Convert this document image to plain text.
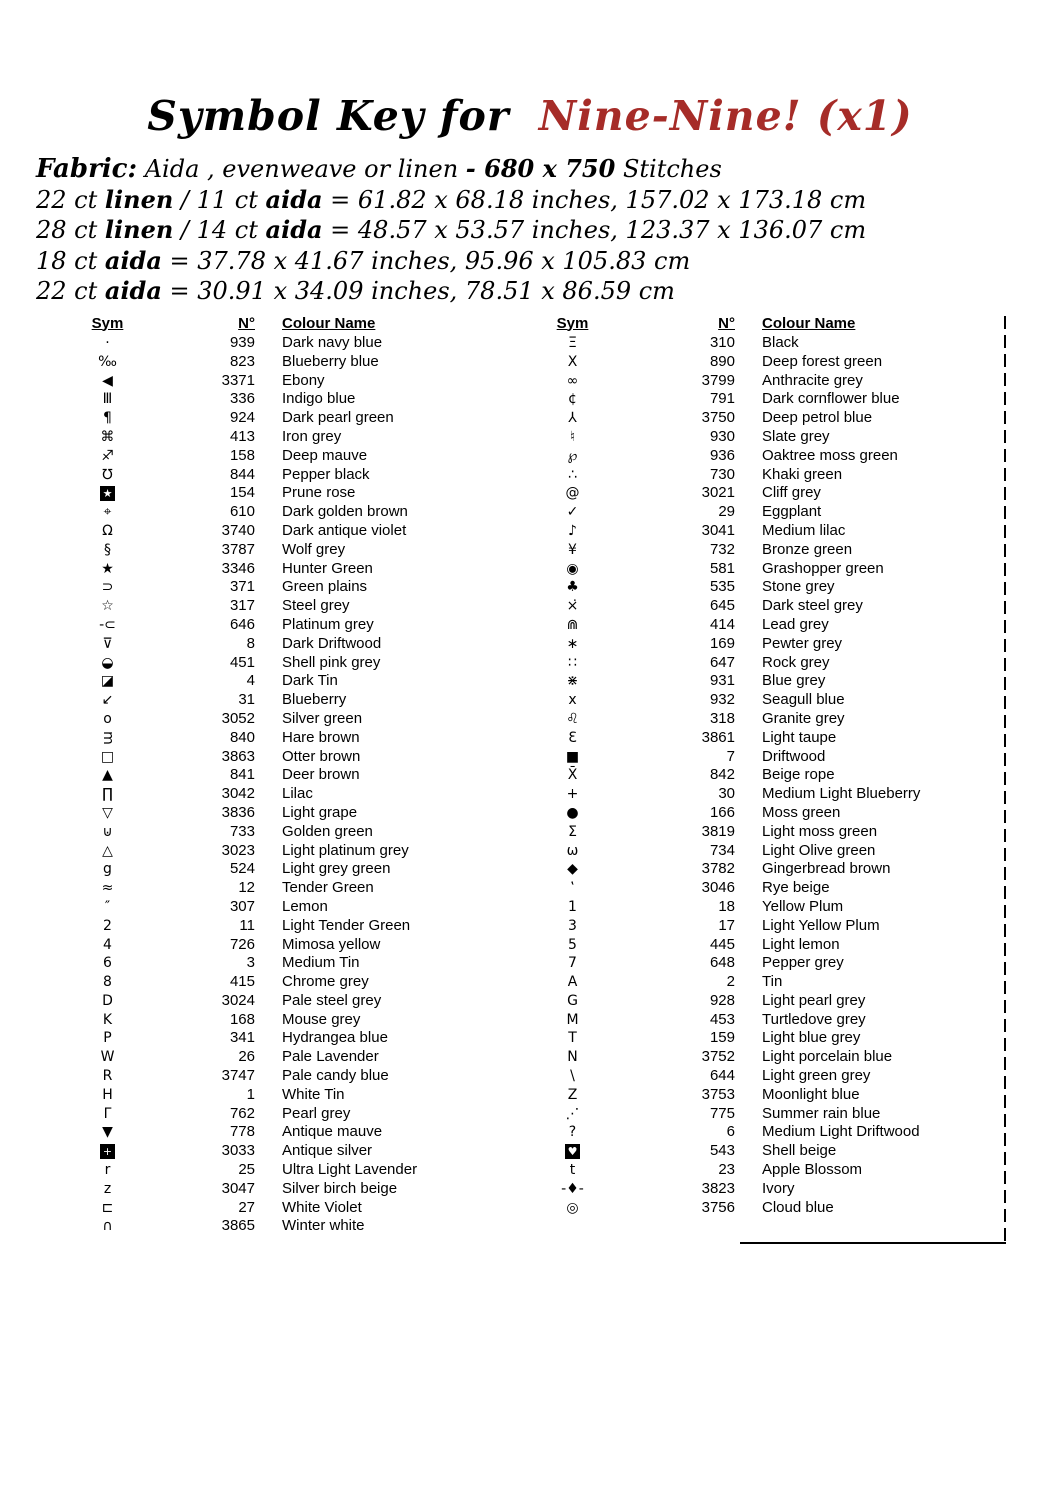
Symbol Key for Nine-Nine! (x1)
Fabric: Aida , evenweave or linen - 680 x 750 Stitches
22 ct linen / 11 ct aida = 61.82 x 68.18 inches, 157.02 x 173.18 cm
28 ct linen / 14 ct aida = 48.57 x 53.57 inches, 123.37 x 136.07 cm
18 ct aida = 37.78 x 41.67 inches, 95.96 x 105.83 cm
22 ct aida = 30.91 x 34.09 inches, 78.51 x 86.59 cm
Sym	N°	Colour Name
·	939	Dark navy blue
‰	823	Blueberry blue
◀	3371	Ebony
Ⅲ	336	Indigo blue
¶	924	Dark pearl green
⌘	413	Iron grey
♐	158	Deep mauve
℧	844	Pepper black
★	154	Prune rose
⌖	610	Dark golden brown
Ω	3740	Dark antique violet
§	3787	Wolf grey
★	3346	Hunter Green
⊃	371	Green plains
☆	317	Steel grey
-⊂	646	Platinum grey
⊽	8	Dark Driftwood
◒	451	Shell pink grey
◪	4	Dark Tin
↙	31	Blueberry
o	3052	Silver green
m	840	Hare brown
□	3863	Otter brown
▲	841	Deer brown
∏	3042	Lilac
▽	3836	Light grape
⊍	733	Golden green
△	3023	Light platinum grey
g	524	Light grey green
≈	12	Tender Green
″	307	Lemon
2	11	Light Tender Green
4	726	Mimosa yellow
6	3	Medium Tin
8	415	Chrome grey
D	3024	Pale steel grey
K	168	Mouse grey
P	341	Hydrangea blue
W	26	Pale Lavender
R	3747	Pale candy blue
H	1	White Tin
Γ	762	Pearl grey
▼	778	Antique mauve
+	3033	Antique silver
r	25	Ultra Light Lavender
z	3047	Silver birch beige
⊏	27	White Violet
∩	3865	Winter white
Sym	N°	Colour Name
Ξ	310	Black
X	890	Deep forest green
∞	3799	Anthracite grey
¢	791	Dark cornflower blue
⅄	3750	Deep petrol blue
♮	930	Slate grey
℘	936	Oaktree moss green
∴	730	Khaki green
@	3021	Cliff grey
✓	29	Eggplant
♪	3041	Medium lilac
¥	732	Bronze green
◉	581	Grashopper green
♣	535	Stone grey
×̇	645	Dark steel grey
⋒	414	Lead grey
∗	169	Pewter grey
∷	647	Rock grey
⋇	931	Blue grey
x	932	Seagull blue
♌	318	Granite grey
Ɛ	3861	Light taupe
■	7	Driftwood
X̄	842	Beige rope
+	30	Medium Light Blueberry
●	166	Moss green
Σ	3819	Light moss green
ω	734	Light Olive green
◆	3782	Gingerbread brown
‛	3046	Rye beige
1	18	Yellow Plum
3	17	Light Yellow Plum
5	445	Light lemon
7	648	Pepper grey
A	2	Tin
G	928	Light pearl grey
M	453	Turtledove grey
T	159	Light blue grey
N	3752	Light porcelain blue
\	644	Light green grey
Z	3753	Moonlight blue
⋰	775	Summer rain blue
?	6	Medium Light Driftwood
♥	543	Shell beige
t	23	Apple Blossom
-♦-	3823	Ivory
◎	3756	Cloud blue
